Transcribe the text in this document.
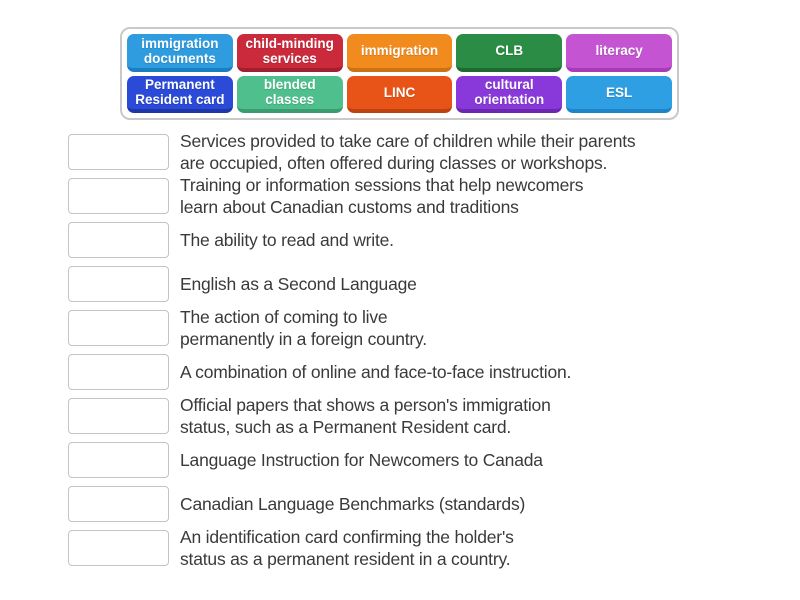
immigration documents
child-minding services
immigration	CLB	literacy
Permanent Resident card
blended classes
LINC
cultural orientation
ESL
Services provided to take care of children while their parents
are occupied, often offered during classes or workshops.
Training or information sessions that help newcomers
learn about Canadian customs and traditions
The ability to read and write.
English as a Second Language
The action of coming to live
permanently in a foreign country.
A combination of online and face-to-face instruction.
Official papers that shows a person's immigration
status, such as a Permanent Resident card.
Language Instruction for Newcomers to Canada
Canadian Language Benchmarks (standards)
An identification card confirming the holder's
status as a permanent resident in a country.
